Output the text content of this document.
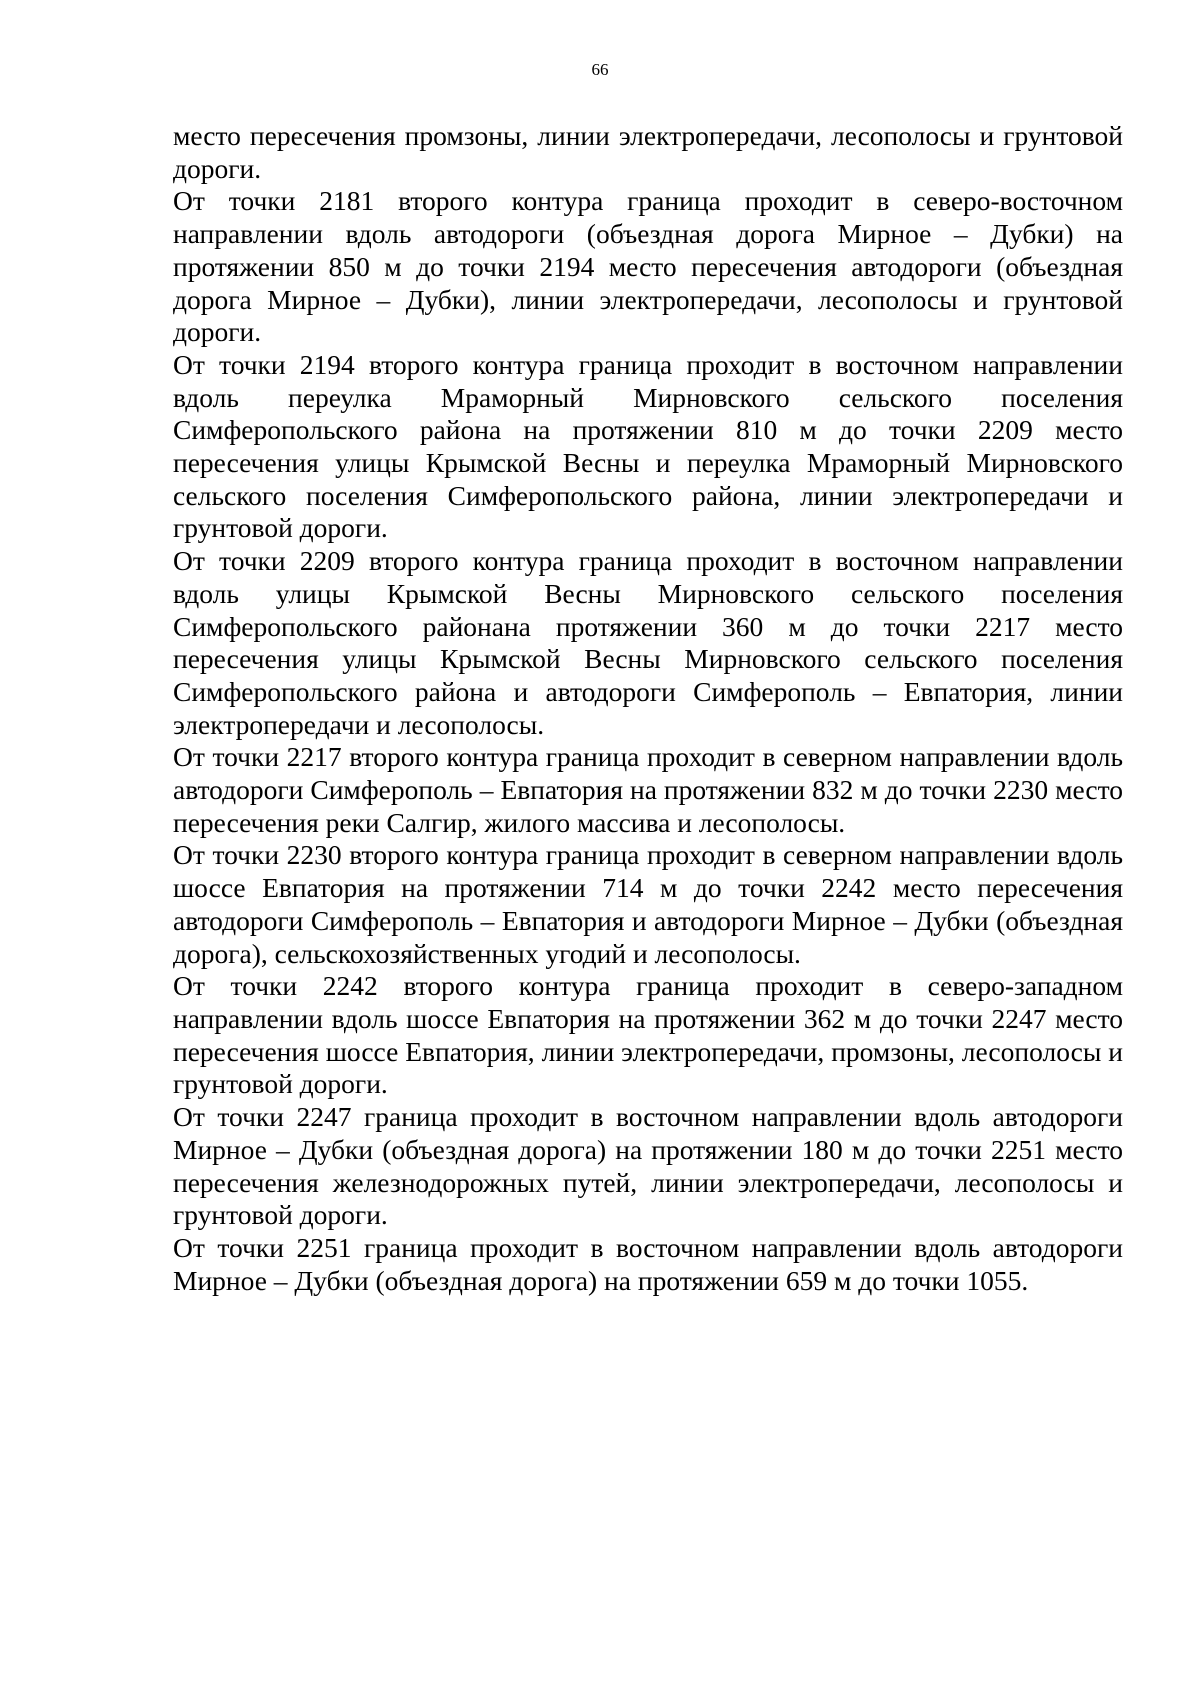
66

место пересечения промзоны, линии электропередачи, лесополосы и грунтовой дороги.

От точки 2181 второго контура граница проходит в северо-восточном направлении вдоль автодороги (объездная дорога Мирное – Дубки) на протяжении 850 м до точки 2194 место пересечения автодороги (объездная дорога Мирное – Дубки), линии электропередачи, лесополосы и грунтовой дороги.

От точки 2194 второго контура граница проходит в восточном направлении вдоль переулка Мраморный Мирновского сельского поселения Симферопольского района на протяжении 810 м до точки 2209 место пересечения улицы Крымской Весны и переулка Мраморный Мирновского сельского поселения Симферопольского района, линии электропередачи и грунтовой дороги.

От точки 2209 второго контура граница проходит в восточном направлении вдоль улицы Крымской Весны Мирновского сельского поселения Симферопольского районана протяжении 360 м до точки 2217 место пересечения улицы Крымской Весны Мирновского сельского поселения Симферопольского района и автодороги Симферополь – Евпатория, линии электропередачи и лесополосы.

От точки 2217 второго контура граница проходит в северном направлении вдоль автодороги Симферополь – Евпатория на протяжении 832 м до точки 2230 место пересечения реки Салгир, жилого массива и лесополосы.

От точки 2230 второго контура граница проходит в северном направлении вдоль шоссе Евпатория на протяжении 714 м до точки 2242 место пересечения автодороги Симферополь – Евпатория и автодороги Мирное – Дубки (объездная дорога), сельскохозяйственных угодий и лесополосы.

От точки 2242 второго контура граница проходит в северо-западном направлении вдоль шоссе Евпатория на протяжении 362 м до точки 2247 место пересечения шоссе Евпатория, линии электропередачи, промзоны, лесополосы и грунтовой дороги.

От точки 2247 граница проходит в восточном направлении вдоль автодороги Мирное – Дубки (объездная дорога) на протяжении 180 м до точки 2251 место пересечения железнодорожных путей, линии электропередачи, лесополосы и грунтовой дороги.

От точки 2251 граница проходит в восточном направлении вдоль автодороги Мирное – Дубки (объездная дорога) на протяжении 659 м до точки 1055.
